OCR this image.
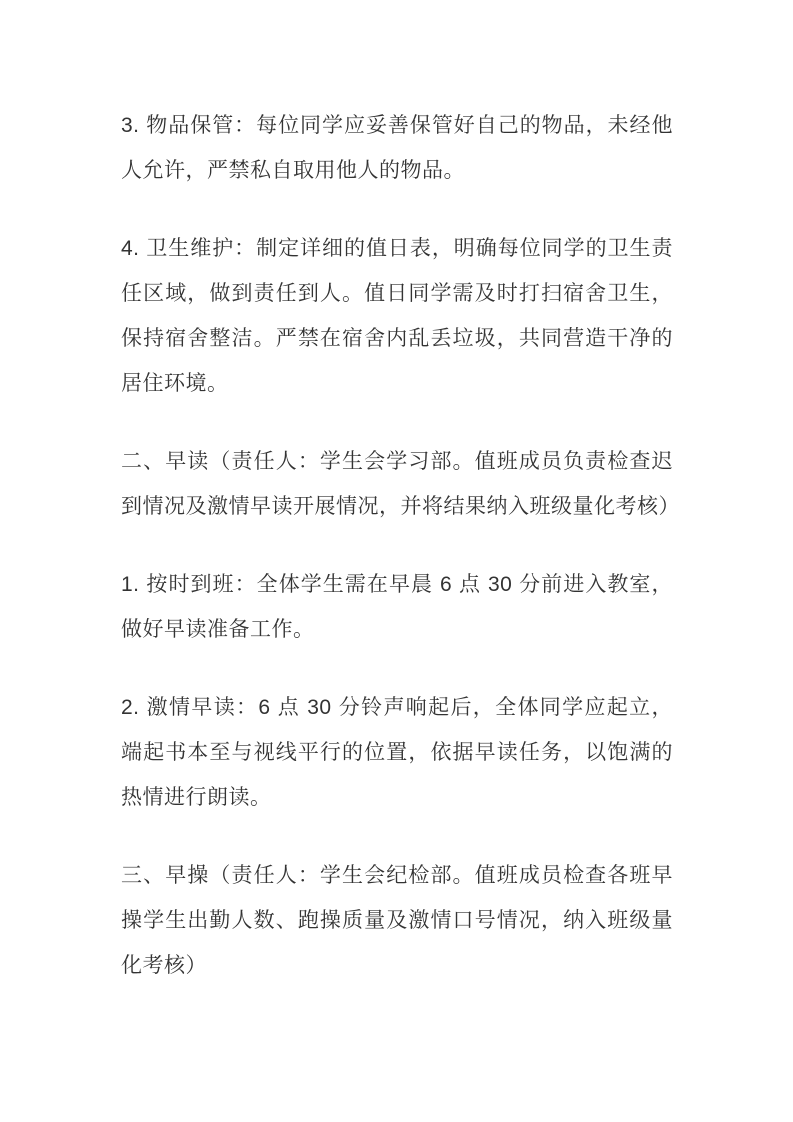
3. 物品保管：每位同学应妥善保管好自己的物品，未经他人允许，严禁私自取用他人的物品。

4. 卫生维护：制定详细的值日表，明确每位同学的卫生责任区域，做到责任到人。值日同学需及时打扫宿舍卫生，保持宿舍整洁。严禁在宿舍内乱丢垃圾，共同营造干净的居住环境。

二、早读（责任人：学生会学习部。值班成员负责检查迟到情况及激情早读开展情况，并将结果纳入班级量化考核）

1. 按时到班：全体学生需在早晨 6 点 30 分前进入教室，做好早读准备工作。

2. 激情早读：6 点 30 分铃声响起后，全体同学应起立，端起书本至与视线平行的位置，依据早读任务，以饱满的热情进行朗读。

三、早操（责任人：学生会纪检部。值班成员检查各班早操学生出勤人数、跑操质量及激情口号情况，纳入班级量化考核）
